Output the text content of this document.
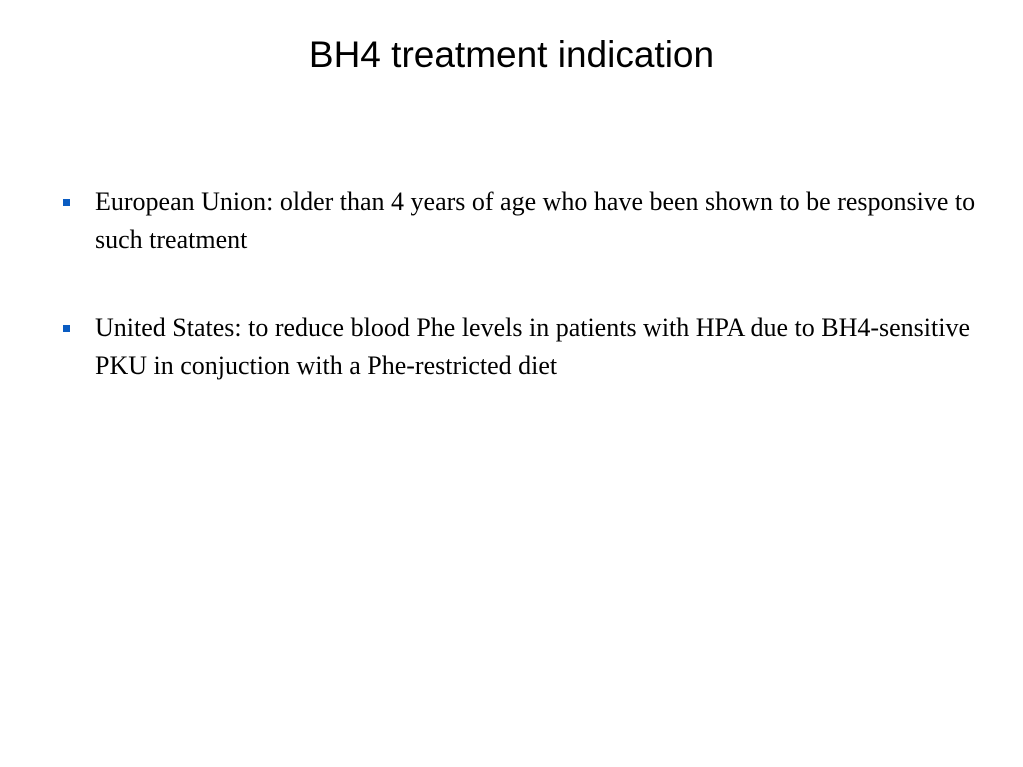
BH4 treatment indication
European Union: older than 4 years of age who have been shown to be responsive to such treatment
United States: to reduce blood Phe levels in patients with HPA due to BH4-sensitive PKU in conjuction with a Phe-restricted diet
